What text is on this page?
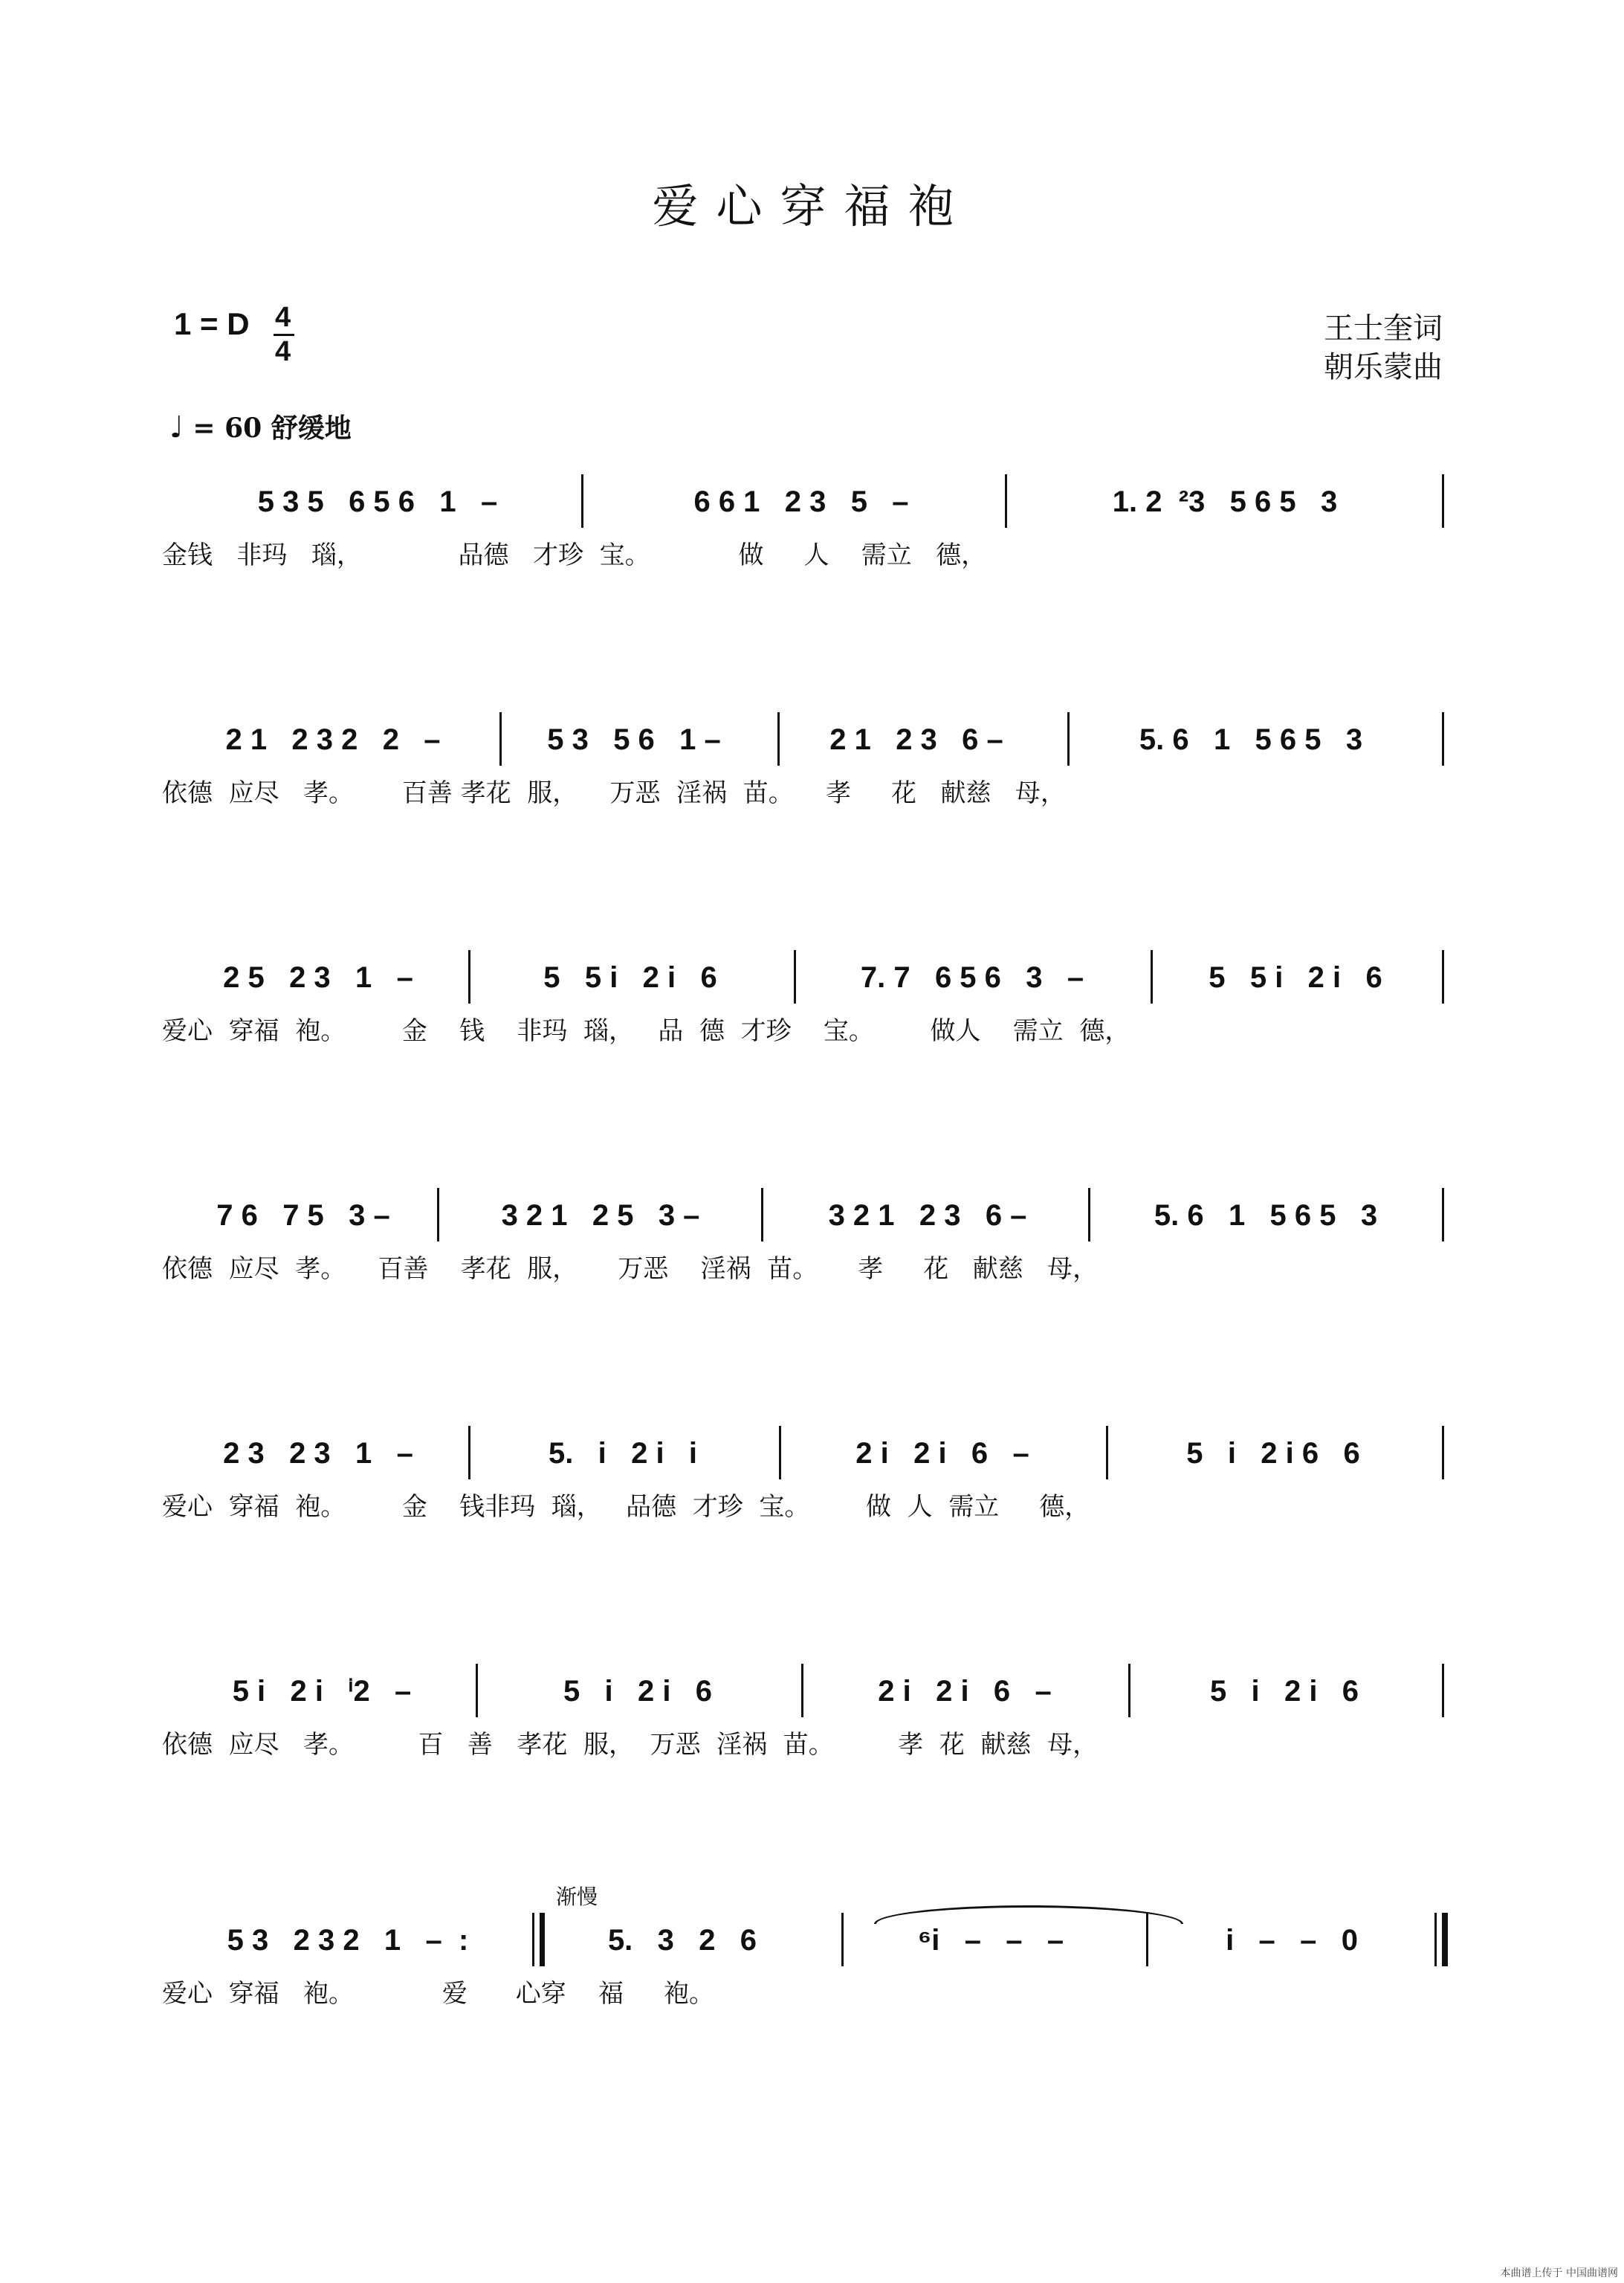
爱心穿福袍
1 = D 4
4
王士奎词
朝乐蒙曲
♩ = 60 舒缓地
5 3 5   6 5 6   1   –	6 6 1   2 3   5   –	1. 2  ²3   5 6 5   3
金钱   非玛   瑙，            品德   才珍  宝。           做     人    需立   德，
2 1   2 3 2   2   –	5 3   5 6   1 –	2 1   2 3   6 –	5. 6   1   5 6 5   3
依德  应尽   孝。      百善 孝花  服，    万恶  淫祸  苗。    孝     花   献慈   母，
2 5   2 3   1   –	5   5 i   2 i   6	7. 7   6 5 6   3   –	5   5 i   2 i   6
爱心  穿福  袍。       金    钱    非玛  瑙，   品  德  才珍    宝。       做人    需立  德，
7 6   7 5   3 –	3 2 1   2 5   3 –	3 2 1   2 3   6 –	5. 6   1   5 6 5   3
依德  应尽  孝。    百善    孝花  服，     万恶    淫祸  苗。     孝     花   献慈   母，
2 3   2 3   1   –	5.   i   2 i   i	2 i   2 i   6   –	5   i   2 i 6   6
爱心  穿福  袍。       金    钱非玛  瑙，   品德  才珍  宝。       做  人  需立     德，
5 i   2 i   ⁱ2   –	5   i   2 i   6	2 i   2 i   6   –	5   i   2 i   6
依德  应尽   孝。        百   善   孝花  服，  万恶  淫祸  苗。        孝  花  献慈  母，
渐慢
5 3   2 3 2   1   –  :	5.   3   2   6	⁶i   –   –   –	i   –   –   0
爱心  穿福   袍。           爱      心穿    福     袍。
本曲谱上传于 中国曲谱网
